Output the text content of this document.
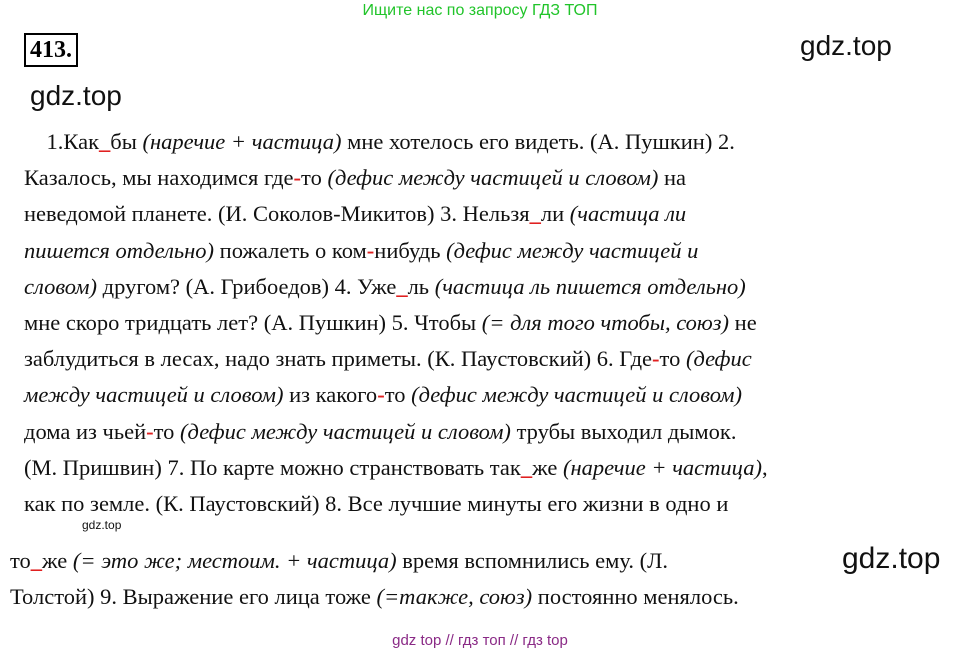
Ищите нас по запросу ГДЗ ТОП
413.	gdz.top
gdz.top
gdz.top
gdz.top
1.Как_бы (наречие + частица) мне хотелось его видеть. (А. Пушкин) 2.
Казалось, мы находимся где-то (дефис между частицей и словом) на
неведомой планете. (И. Соколов-Микитов) 3. Нельзя_ли (частица ли
пишется отдельно) пожалеть о ком-нибудь (дефис между частицей и
словом) другом? (А. Грибоедов) 4. Уже_ль (частица ль пишется отдельно)
мне скоро тридцать лет? (А. Пушкин) 5. Чтобы (= для того чтобы, союз) не
заблудиться в лесах, надо знать приметы. (К. Паустовский) 6. Где-то (дефис
между частицей и словом) из какого-то (дефис между частицей и словом)
дома из чьей-то (дефис между частицей и словом) трубы выходил дымок.
(М. Пришвин) 7. По карте можно странствовать так_же (наречие + частица),
как по земле. (К. Паустовский) 8. Все лучшие минуты его жизни в одно и
то_же (= это же; местоим. + частица) время вспомнились ему. (Л.
Толстой) 9. Выражение его лица тоже (=также, союз) постоянно менялось.
gdz top // гдз топ // гдз top
